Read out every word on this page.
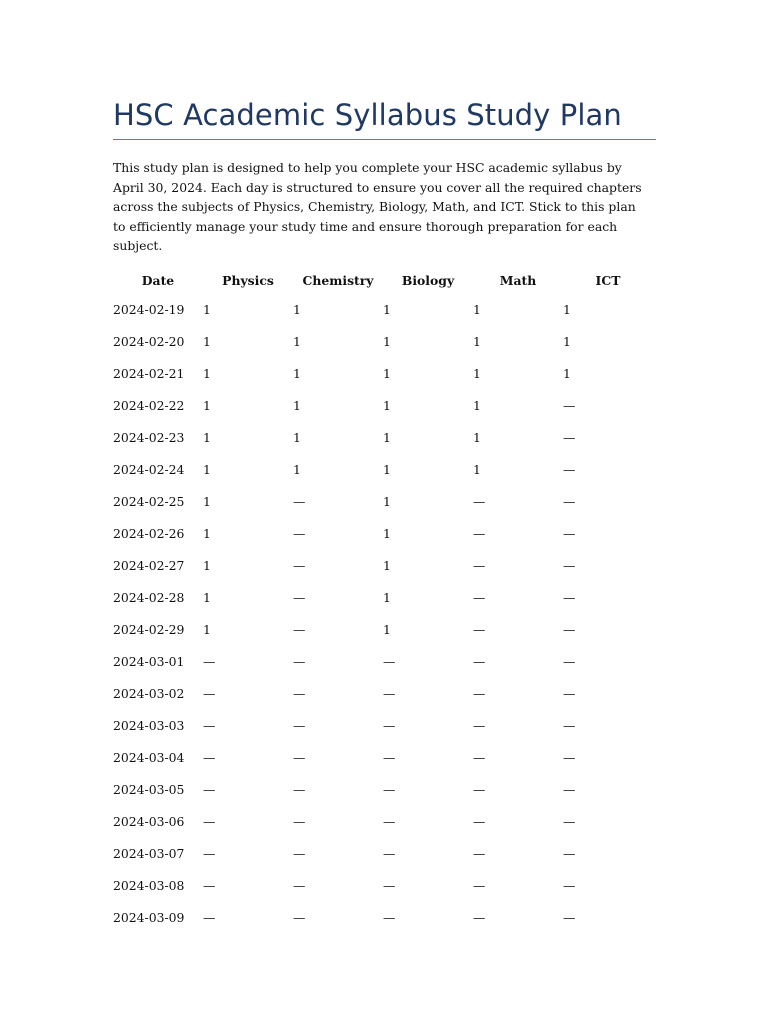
HSC Academic Syllabus Study Plan

This study plan is designed to help you complete your HSC academic syllabus by April 30, 2024. Each day is structured to ensure you cover all the required chapters across the subjects of Physics, Chemistry, Biology, Math, and ICT. Stick to this plan to efficiently manage your study time and ensure thorough preparation for each subject.

Date	Physics	Chemistry	Biology	Math	ICT
2024-02-19	1	1	1	1	1
2024-02-20	1	1	1	1	1
2024-02-21	1	1	1	1	1
2024-02-22	1	1	1	1	—
2024-02-23	1	1	1	1	—
2024-02-24	1	1	1	1	—
2024-02-25	1	—	1	—	—
2024-02-26	1	—	1	—	—
2024-02-27	1	—	1	—	—
2024-02-28	1	—	1	—	—
2024-02-29	1	—	1	—	—
2024-03-01	—	—	—	—	—
2024-03-02	—	—	—	—	—
2024-03-03	—	—	—	—	—
2024-03-04	—	—	—	—	—
2024-03-05	—	—	—	—	—
2024-03-06	—	—	—	—	—
2024-03-07	—	—	—	—	—
2024-03-08	—	—	—	—	—
2024-03-09	—	—	—	—	—
